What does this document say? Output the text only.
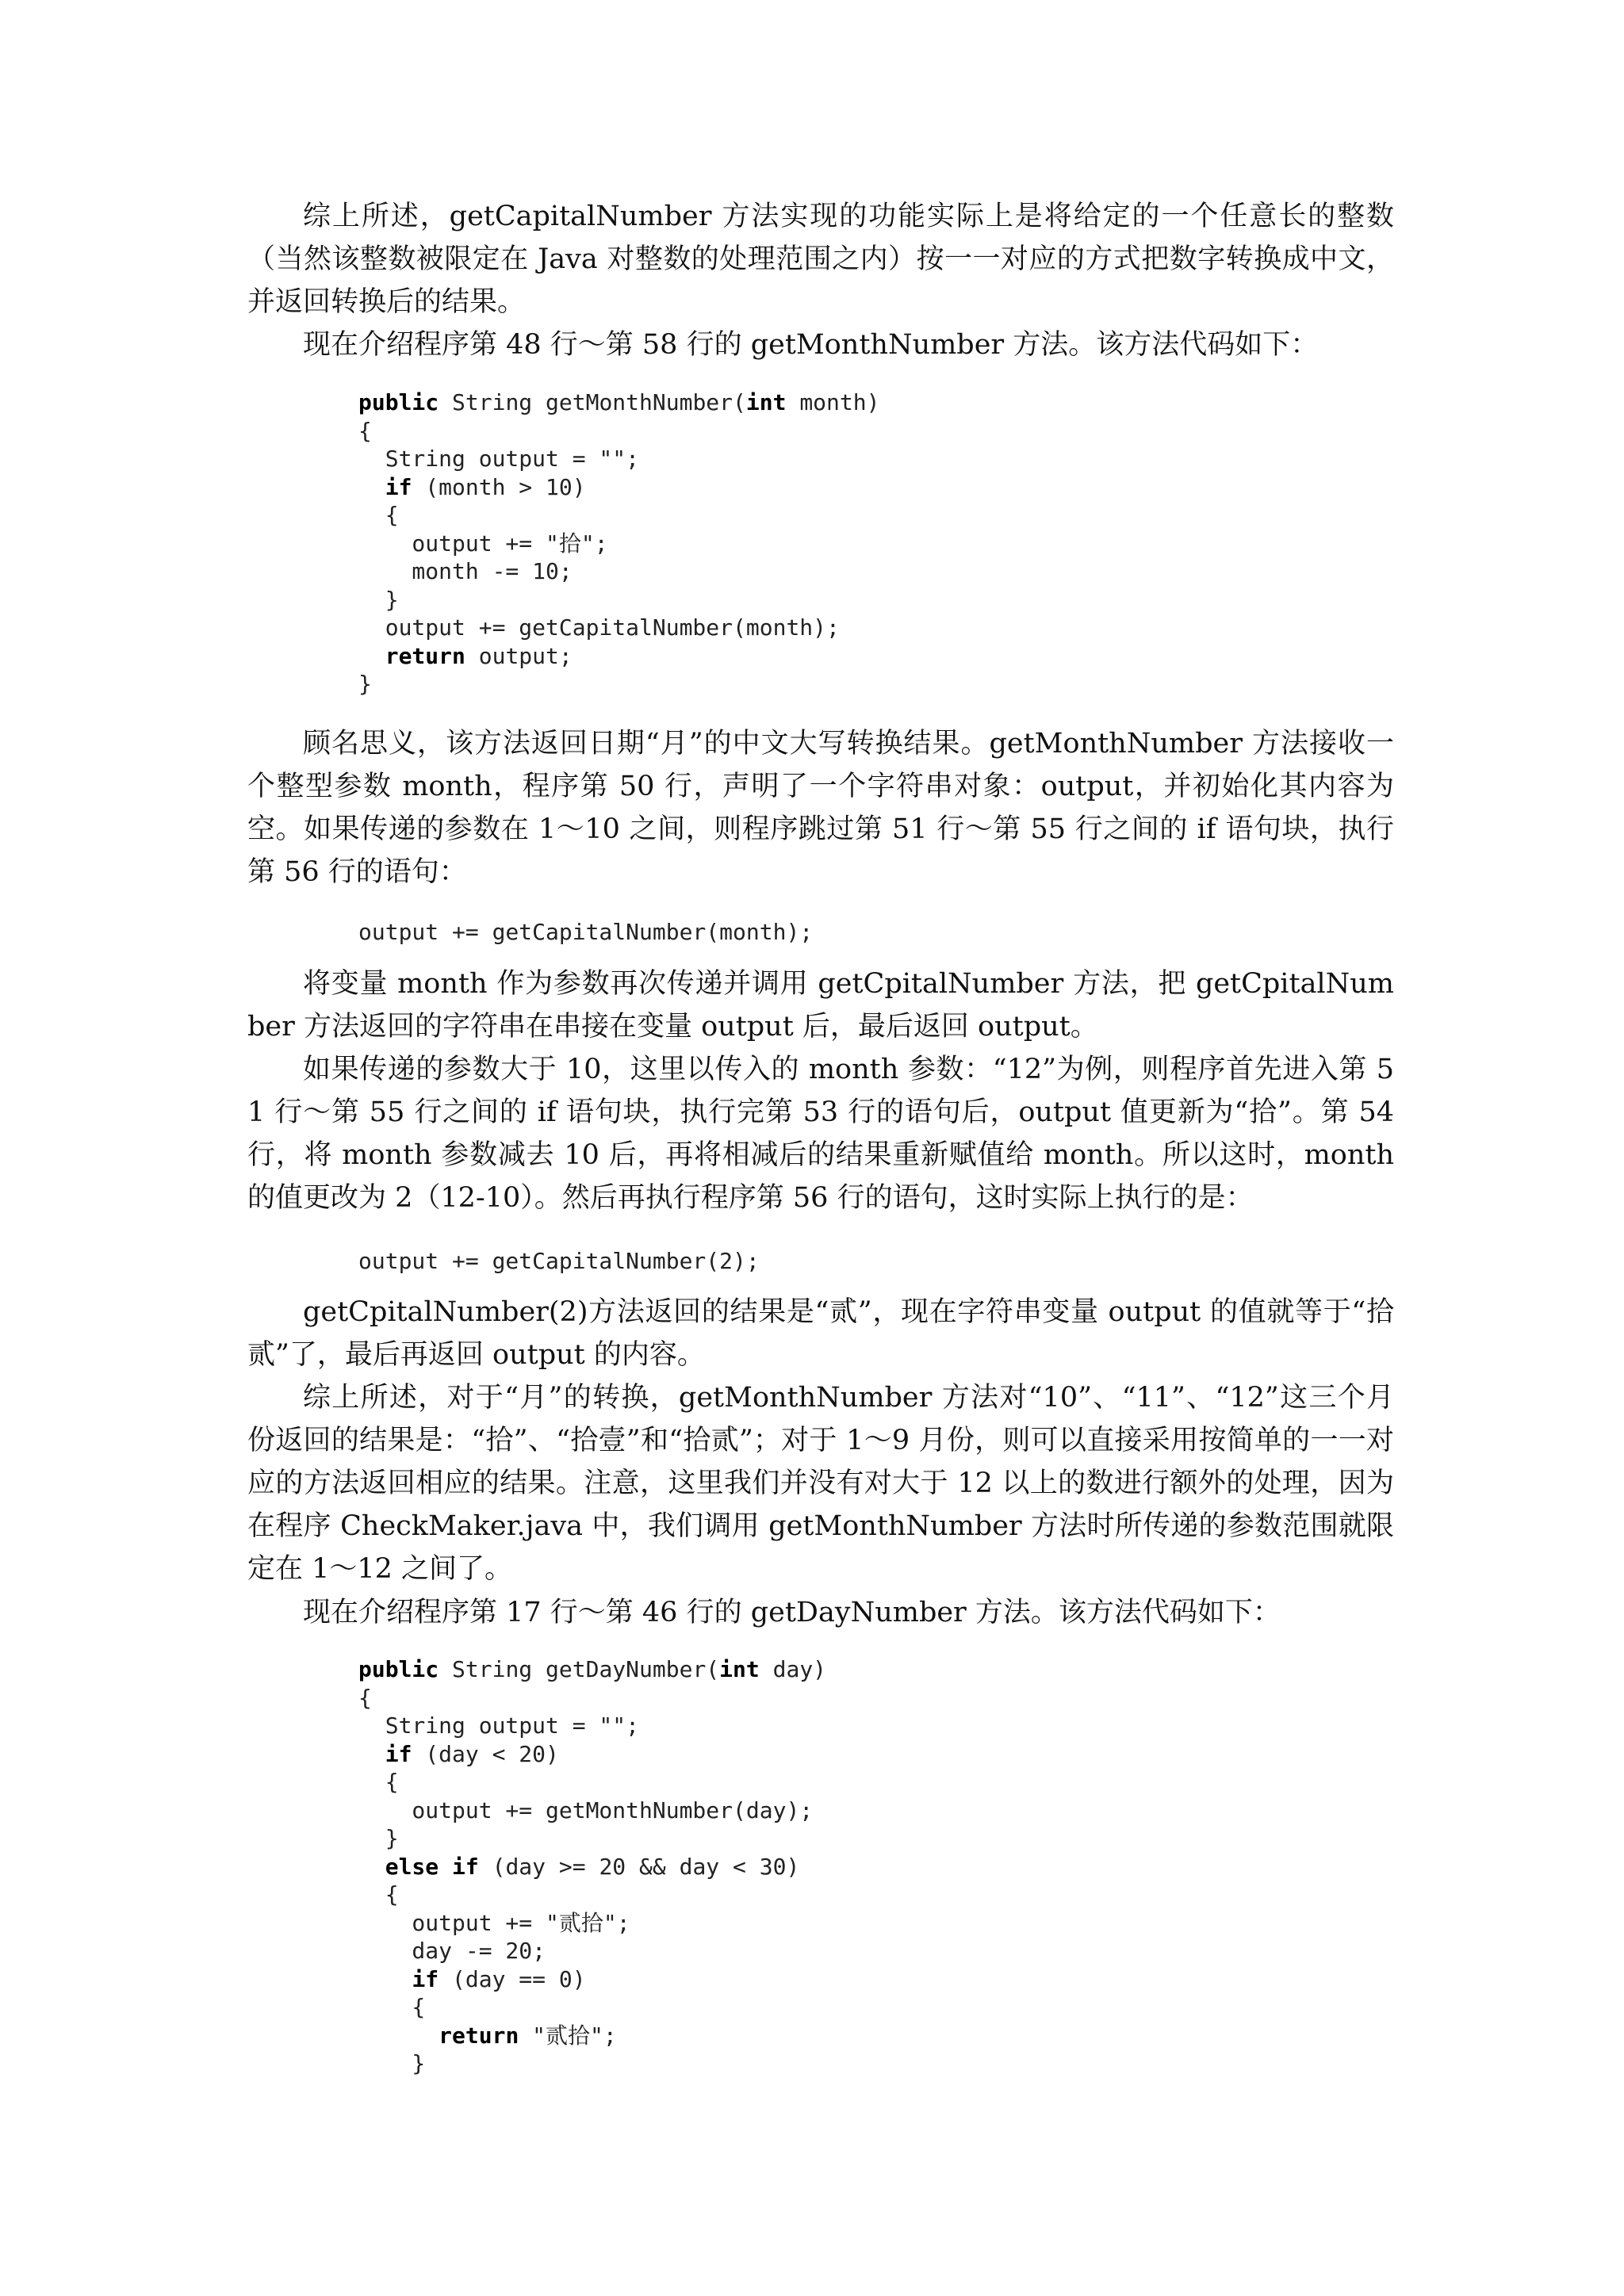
综上所述，getCapitalNumber 方法实现的功能实际上是将给定的一个任意长的整数（当然该整数被限定在 Java 对整数的处理范围之内）按一一对应的方式把数字转换成中文，并返回转换后的结果。

现在介绍程序第 48 行～第 58 行的 getMonthNumber 方法。该方法代码如下：

public String getMonthNumber(int month)
{
String output = "";
if (month > 10)
{
output += "拾";
month -= 10;
}
output += getCapitalNumber(month);
return output;
}

顾名思义，该方法返回日期“月”的中文大写转换结果。getMonthNumber 方法接收一个整型参数 month，程序第 50 行，声明了一个字符串对象：output，并初始化其内容为空。如果传递的参数在 1～10 之间，则程序跳过第 51 行～第 55 行之间的 if 语句块，执行第 56 行的语句：

output += getCapitalNumber(month);

将变量 month 作为参数再次传递并调用 getCpitalNumber 方法，把 getCpitalNumber 方法返回的字符串在串接在变量 output 后，最后返回 output。

如果传递的参数大于 10，这里以传入的 month 参数：“12”为例，则程序首先进入第 51 行～第 55 行之间的 if 语句块，执行完第 53 行的语句后，output 值更新为“拾”。第 54 行，将 month 参数减去 10 后，再将相减后的结果重新赋值给 month。所以这时，month 的值更改为 2（12-10）。然后再执行程序第 56 行的语句，这时实际上执行的是：

output += getCapitalNumber(2);

getCpitalNumber(2)方法返回的结果是“贰”，现在字符串变量 output 的值就等于“拾贰”了，最后再返回 output 的内容。

综上所述，对于“月”的转换，getMonthNumber 方法对“10”、“11”、“12”这三个月份返回的结果是：“拾”、“拾壹”和“拾贰”；对于 1～9 月份，则可以直接采用按简单的一一对应的方法返回相应的结果。注意，这里我们并没有对大于 12 以上的数进行额外的处理，因为在程序 CheckMaker.java 中，我们调用 getMonthNumber 方法时所传递的参数范围就限定在 1～12 之间了。

现在介绍程序第 17 行～第 46 行的 getDayNumber 方法。该方法代码如下：

public String getDayNumber(int day)
{
String output = "";
if (day < 20)
{
output += getMonthNumber(day);
}
else if (day >= 20 && day < 30)
{
output += "贰拾";
day -= 20;
if (day == 0)
{
return "贰拾";
}
